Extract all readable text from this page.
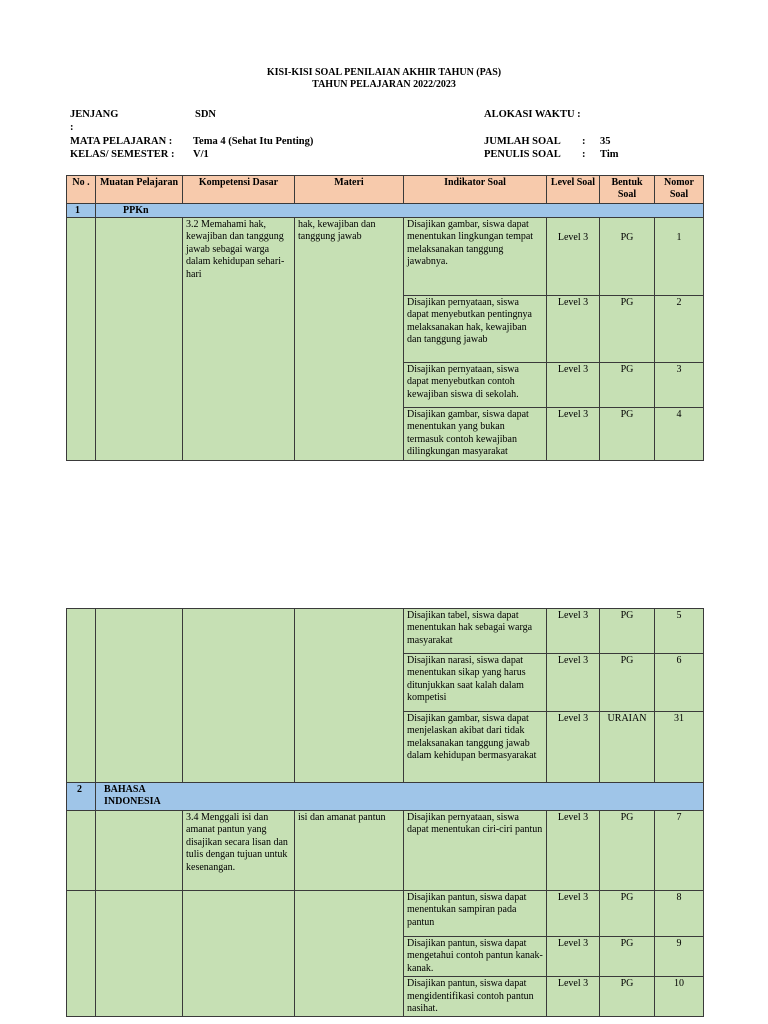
KISI-KISI SOAL PENILAIAN AKHIR TAHUN (PAS)
TAHUN PELAJARAN 2022/2023
JENJANG
:
SDN	ALOKASI WAKTU :
MATA PELAJARAN : Tema 4 (Sehat Itu Penting)
KELAS/ SEMESTER : V/1
JUMLAH SOAL : 35
PENULIS SOAL : Tim
No .	Muatan Pelajaran	Kompetensi Dasar	Materi	Indikator Soal	Level Soal	Bentuk Soal	Nomor Soal
1	PPKn						
		3.2 Memahami hak, kewajiban dan tanggung jawab sebagai warga dalam kehidupan sehari-hari	hak, kewajiban dan tanggung jawab	Disajikan gambar, siswa dapat menentukan lingkungan tempat melaksanakan tanggung jawabnya.	Level 3	PG	1
				Disajikan pernyataan, siswa dapat menyebutkan pentingnya melaksanakan hak, kewajiban dan tanggung jawab	Level 3	PG	2
				Disajikan pernyataan, siswa dapat menyebutkan contoh kewajiban siswa di sekolah.	Level 3	PG	3
				Disajikan gambar, siswa dapat menentukan yang bukan termasuk contoh kewajiban dilingkungan masyarakat	Level 3	PG	4
				Disajikan tabel, siswa dapat menentukan hak sebagai warga masyarakat	Level 3	PG	5
				Disajikan narasi, siswa dapat menentukan sikap yang harus ditunjukkan saat kalah dalam kompetisi	Level 3	PG	6
				Disajikan gambar, siswa dapat menjelaskan akibat dari tidak melaksanakan tanggung jawab dalam kehidupan bermasyarakat	Level 3	URAIAN	31
2	BAHASA INDONESIA						

		3.4 Menggali isi dan amanat pantun yang disajikan secara lisan dan tulis dengan tujuan untuk kesenangan.	isi dan amanat pantun	Disajikan pernyataan, siswa dapat menentukan ciri-ciri pantun	Level 3	PG	7
				Disajikan pantun, siswa dapat menentukan sampiran pada pantun	Level 3	PG	8
				Disajikan pantun, siswa dapat mengetahui contoh pantun kanak-kanak.	Level 3	PG	9
				Disajikan pantun, siswa dapat mengidentifikasi contoh pantun nasihat.	Level 3	PG	10
